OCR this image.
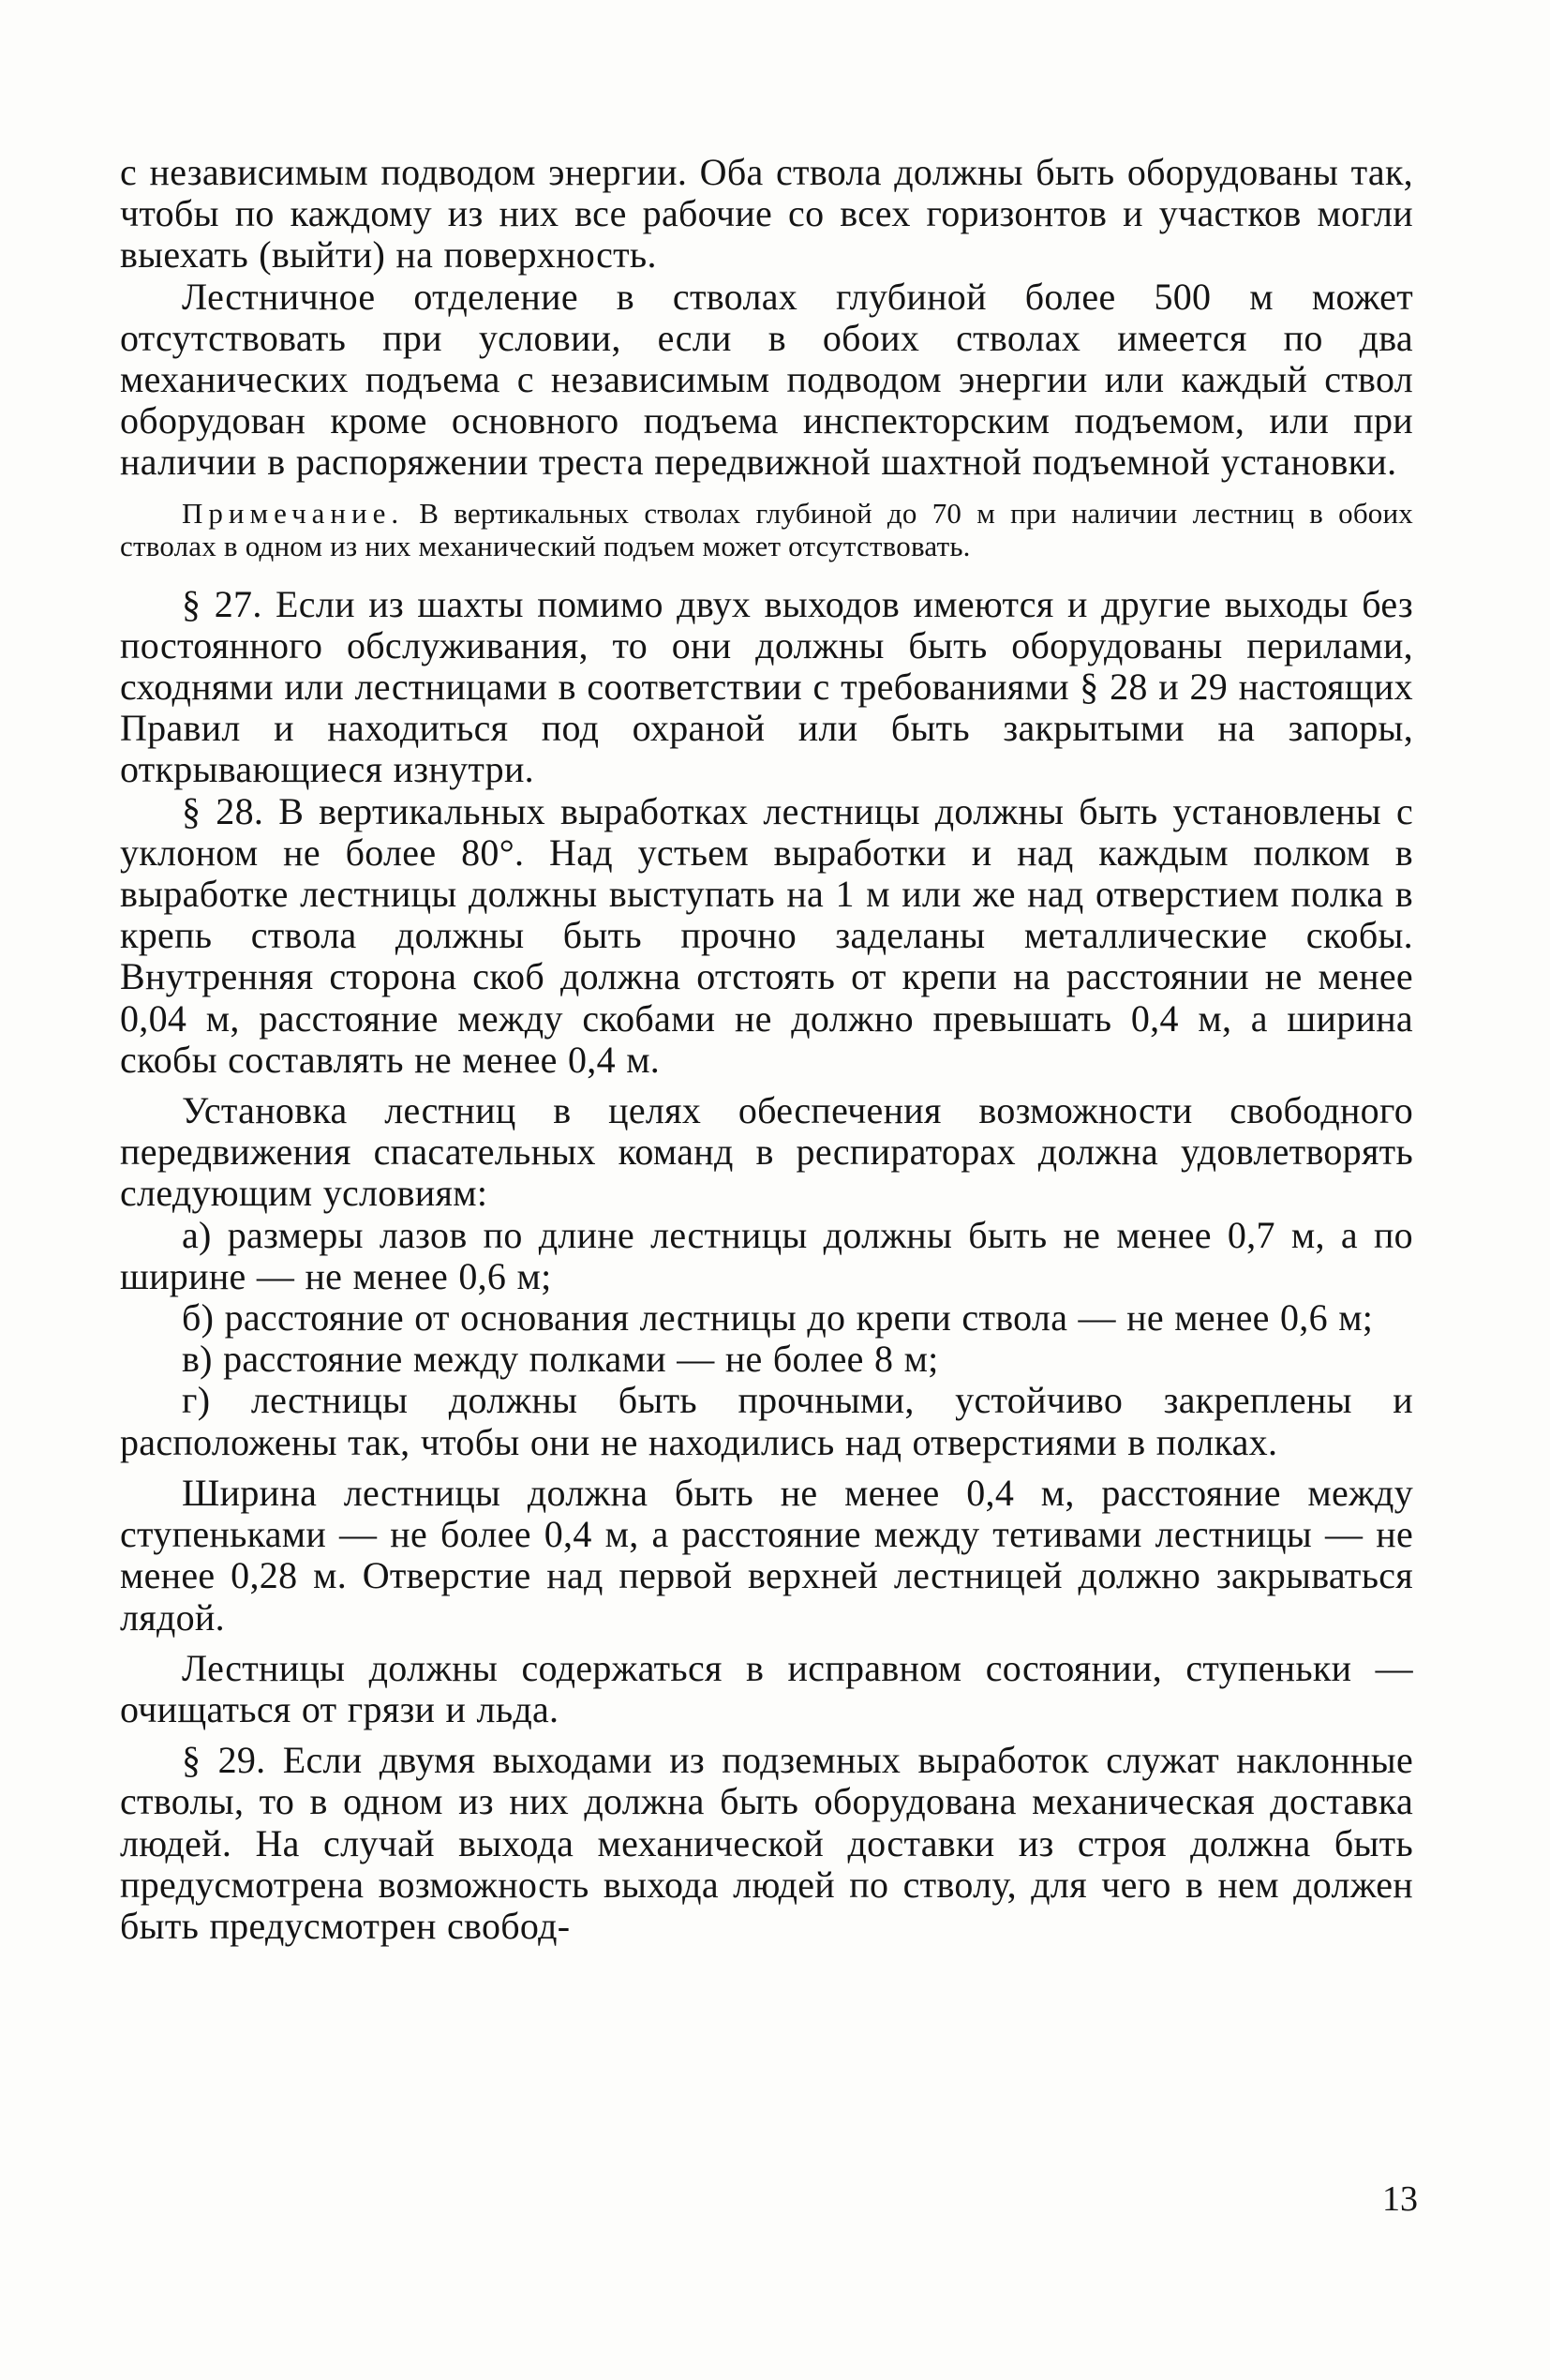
с независимым подводом энергии. Оба ствола должны быть оборудованы так, чтобы по каждому из них все рабочие со всех горизонтов и участков могли выехать (выйти) на поверхность.

Лестничное отделение в стволах глубиной более 500 м может отсутствовать при условии, если в обоих стволах имеется по два механических подъема с независимым подводом энергии или каждый ствол оборудован кроме основного подъема инспекторским подъемом, или при наличии в распоряжении треста передвижной шахтной подъемной установки.

Примечание. В вертикальных стволах глубиной до 70 м при наличии лестниц в обоих стволах в одном из них механический подъем может отсутствовать.

§ 27. Если из шахты помимо двух выходов имеются и другие выходы без постоянного обслуживания, то они должны быть оборудованы перилами, сходнями или лестницами в соответствии с требованиями § 28 и 29 настоящих Правил и находиться под охраной или быть закрытыми на запоры, открывающиеся изнутри.

§ 28. В вертикальных выработках лестницы должны быть установлены с уклоном не более 80°. Над устьем выработки и над каждым полком в выработке лестницы должны выступать на 1 м или же над отверстием полка в крепь ствола должны быть прочно заделаны металлические скобы. Внутренняя сторона скоб должна отстоять от крепи на расстоянии не менее 0,04 м, расстояние между скобами не должно превышать 0,4 м, а ширина скобы составлять не менее 0,4 м.

Установка лестниц в целях обеспечения возможности свободного передвижения спасательных команд в респираторах должна удовлетворять следующим условиям:

а) размеры лазов по длине лестницы должны быть не менее 0,7 м, а по ширине — не менее 0,6 м;

б) расстояние от основания лестницы до крепи ствола — не менее 0,6 м;

в) расстояние между полками — не более 8 м;

г) лестницы должны быть прочными, устойчиво закреплены и расположены так, чтобы они не находились над отверстиями в полках.

Ширина лестницы должна быть не менее 0,4 м, расстояние между ступеньками — не более 0,4 м, а расстояние между тетивами лестницы — не менее 0,28 м. Отверстие над первой верхней лестницей должно закрываться лядой.

Лестницы должны содержаться в исправном состоянии, ступеньки — очищаться от грязи и льда.

§ 29. Если двумя выходами из подземных выработок служат наклонные стволы, то в одном из них должна быть оборудована механическая доставка людей. На случай выхода механической доставки из строя должна быть предусмотрена возможность выхода людей по стволу, для чего в нем должен быть предусмотрен свобод-

13
